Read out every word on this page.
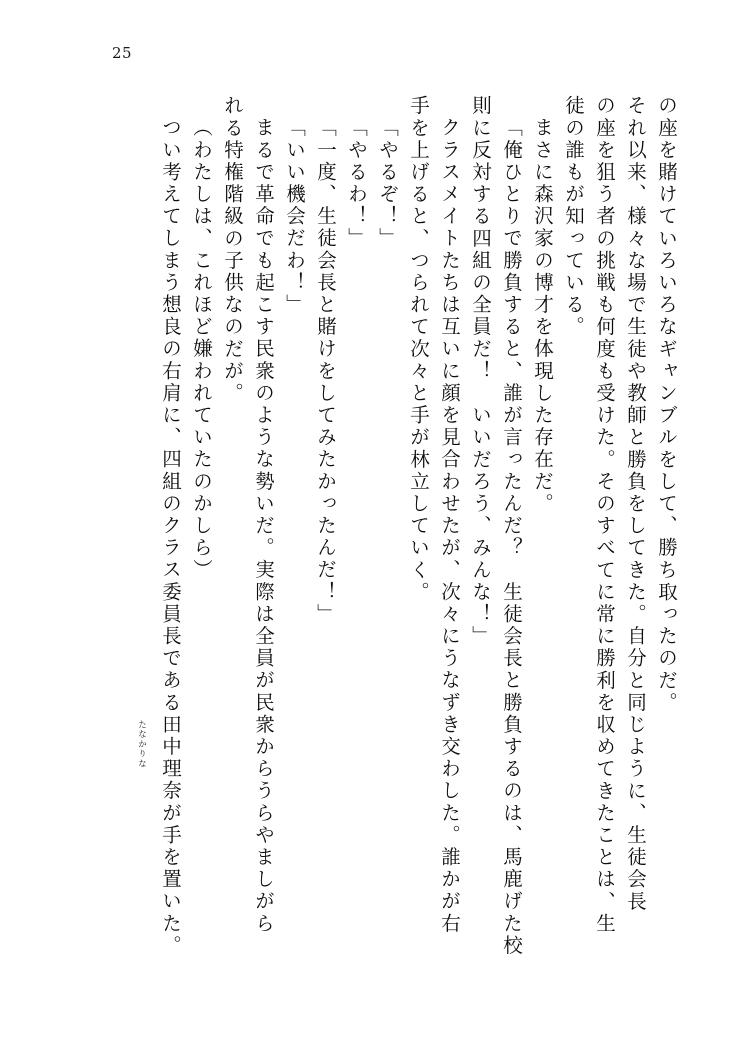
25
の座を賭けていろいろなギャンブルをして、勝ち取ったのだ。
それ以来、様々な場で生徒や教師と勝負をしてきた。自分と同じように、生徒会長
の座を狙う者の挑戦も何度も受けた。そのすべてに常に勝利を収めてきたことは、生
徒の誰もが知っている。
まさに森沢家の博才を体現した存在だ。
「俺ひとりで勝負すると、誰が言ったんだ？　生徒会長と勝負するのは、馬鹿げた校
則に反対する四組の全員だ！　いいだろう、みんな！」
クラスメイトたちは互いに顔を見合わせたが、次々にうなずき交わした。誰かが右
手を上げると、つられて次々と手が林立していく。
「やるぞ！」
「やるわ！」
「一度、生徒会長と賭けをしてみたかったんだ！」
「いい機会だわ！」
まるで革命でも起こす民衆のような勢いだ。実際は全員が民衆からうらやましがら
れる特権階級の子供なのだが。
（わたしは、これほど嫌われていたのかしら）
つい考えてしまう想良の右肩に、四組のクラス委員長である田中理奈が手を置いた。
たなかりな
